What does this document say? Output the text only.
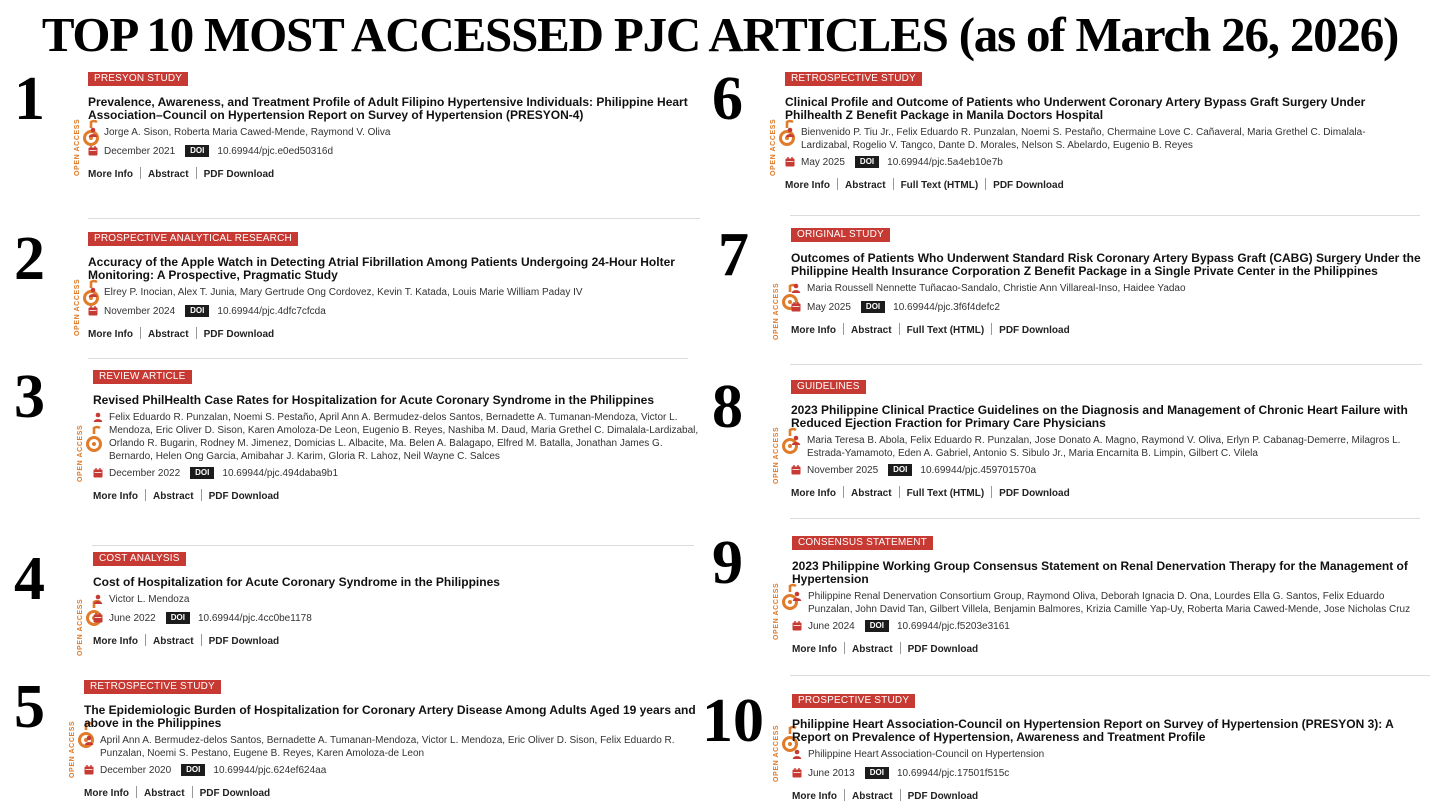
TOP 10 MOST ACCESSED PJC ARTICLES (as of March 26, 2026)
1
OPEN ACCESS
PRESYON STUDY
Prevalence, Awareness, and Treatment Profile of Adult Filipino Hypertensive Individuals: Philippine Heart Association–Council on Hypertension Report on Survey of Hypertension (PRESYON-4)
Jorge A. Sison, Roberta Maria Cawed-Mende, Raymond V. Oliva
December 2021 DOI 10.69944/pjc.e0ed50316d
More Info Abstract PDF Download
2
OPEN ACCESS
PROSPECTIVE ANALYTICAL RESEARCH
Accuracy of the Apple Watch in Detecting Atrial Fibrillation Among Patients Undergoing 24-Hour Holter Monitoring: A Prospective, Pragmatic Study
Elrey P. Inocian, Alex T. Junia, Mary Gertrude Ong Cordovez, Kevin T. Katada, Louis Marie William Paday IV
November 2024 DOI 10.69944/pjc.4dfc7cfcda
More Info Abstract PDF Download
3
OPEN ACCESS
REVIEW ARTICLE
Revised PhilHealth Case Rates for Hospitalization for Acute Coronary Syndrome in the Philippines
Felix Eduardo R. Punzalan, Noemi S. Pestaño, April Ann A. Bermudez-delos Santos, Bernadette A. Tumanan-Mendoza, Victor L. Mendoza, Eric Oliver D. Sison, Karen Amoloza-De Leon, Eugenio B. Reyes, Nashiba M. Daud, Maria Grethel C. Dimalala-Lardizabal, Orlando R. Bugarin, Rodney M. Jimenez, Domicias L. Albacite, Ma. Belen A. Balagapo, Elfred M. Batalla, Jonathan James G. Bernardo, Helen Ong Garcia, Amibahar J. Karim, Gloria R. Lahoz, Neil Wayne C. Salces
December 2022 DOI 10.69944/pjc.494daba9b1
More Info Abstract PDF Download
4
OPEN ACCESS
COST ANALYSIS
Cost of Hospitalization for Acute Coronary Syndrome in the Philippines
Victor L. Mendoza
June 2022 DOI 10.69944/pjc.4cc0be1178
More Info Abstract PDF Download
5
OPEN ACCESS
RETROSPECTIVE STUDY
The Epidemiologic Burden of Hospitalization for Coronary Artery Disease Among Adults Aged 19 years and above in the Philippines
April Ann A. Bermudez-delos Santos, Bernadette A. Tumanan-Mendoza, Victor L. Mendoza, Eric Oliver D. Sison, Felix Eduardo R. Punzalan, Noemi S. Pestano, Eugene B. Reyes, Karen Amoloza-de Leon
December 2020 DOI 10.69944/pjc.624ef624aa
More Info Abstract PDF Download
6
OPEN ACCESS
RETROSPECTIVE STUDY
Clinical Profile and Outcome of Patients who Underwent Coronary Artery Bypass Graft Surgery Under Philhealth Z Benefit Package in Manila Doctors Hospital
Bienvenido P. Tiu Jr., Felix Eduardo R. Punzalan, Noemi S. Pestaño, Chermaine Love C. Cañaveral, Maria Grethel C. Dimalala-Lardizabal, Rogelio V. Tangco, Dante D. Morales, Nelson S. Abelardo, Eugenio B. Reyes
May 2025 DOI 10.69944/pjc.5a4eb10e7b
More Info Abstract Full Text (HTML) PDF Download
7
OPEN ACCESS
ORIGINAL STUDY
Outcomes of Patients Who Underwent Standard Risk Coronary Artery Bypass Graft (CABG) Surgery Under the Philippine Health Insurance Corporation Z Benefit Package in a Single Private Center in the Philippines
Maria Roussell Nennette Tuñacao-Sandalo, Christie Ann Villareal-Inso, Haidee Yadao
May 2025 DOI 10.69944/pjc.3f6f4defc2
More Info Abstract Full Text (HTML) PDF Download
8
OPEN ACCESS
GUIDELINES
2023 Philippine Clinical Practice Guidelines on the Diagnosis and Management of Chronic Heart Failure with Reduced Ejection Fraction for Primary Care Physicians
Maria Teresa B. Abola, Felix Eduardo R. Punzalan, Jose Donato A. Magno, Raymond V. Oliva, Erlyn P. Cabanag-Demerre, Milagros L. Estrada-Yamamoto, Eden A. Gabriel, Antonio S. Sibulo Jr., Maria Encarnita B. Limpin, Gilbert C. Vilela
November 2025 DOI 10.69944/pjc.459701570a
More Info Abstract Full Text (HTML) PDF Download
9
OPEN ACCESS
CONSENSUS STATEMENT
2023 Philippine Working Group Consensus Statement on Renal Denervation Therapy for the Management of Hypertension
Philippine Renal Denervation Consortium Group, Raymond Oliva, Deborah Ignacia D. Ona, Lourdes Ella G. Santos, Felix Eduardo Punzalan, John David Tan, Gilbert Villela, Benjamin Balmores, Krizia Camille Yap-Uy, Roberta Maria Cawed-Mende, Jose Nicholas Cruz
June 2024 DOI 10.69944/pjc.f5203e3161
More Info Abstract PDF Download
10 OPEN ACCESS
PROSPECTIVE STUDY
Philippine Heart Association-Council on Hypertension Report on Survey of Hypertension (PRESYON 3): A Report on Prevalence of Hypertension, Awareness and Treatment Profile
Philippine Heart Association-Council on Hypertension
June 2013 DOI 10.69944/pjc.17501f515c
More Info Abstract PDF Download
